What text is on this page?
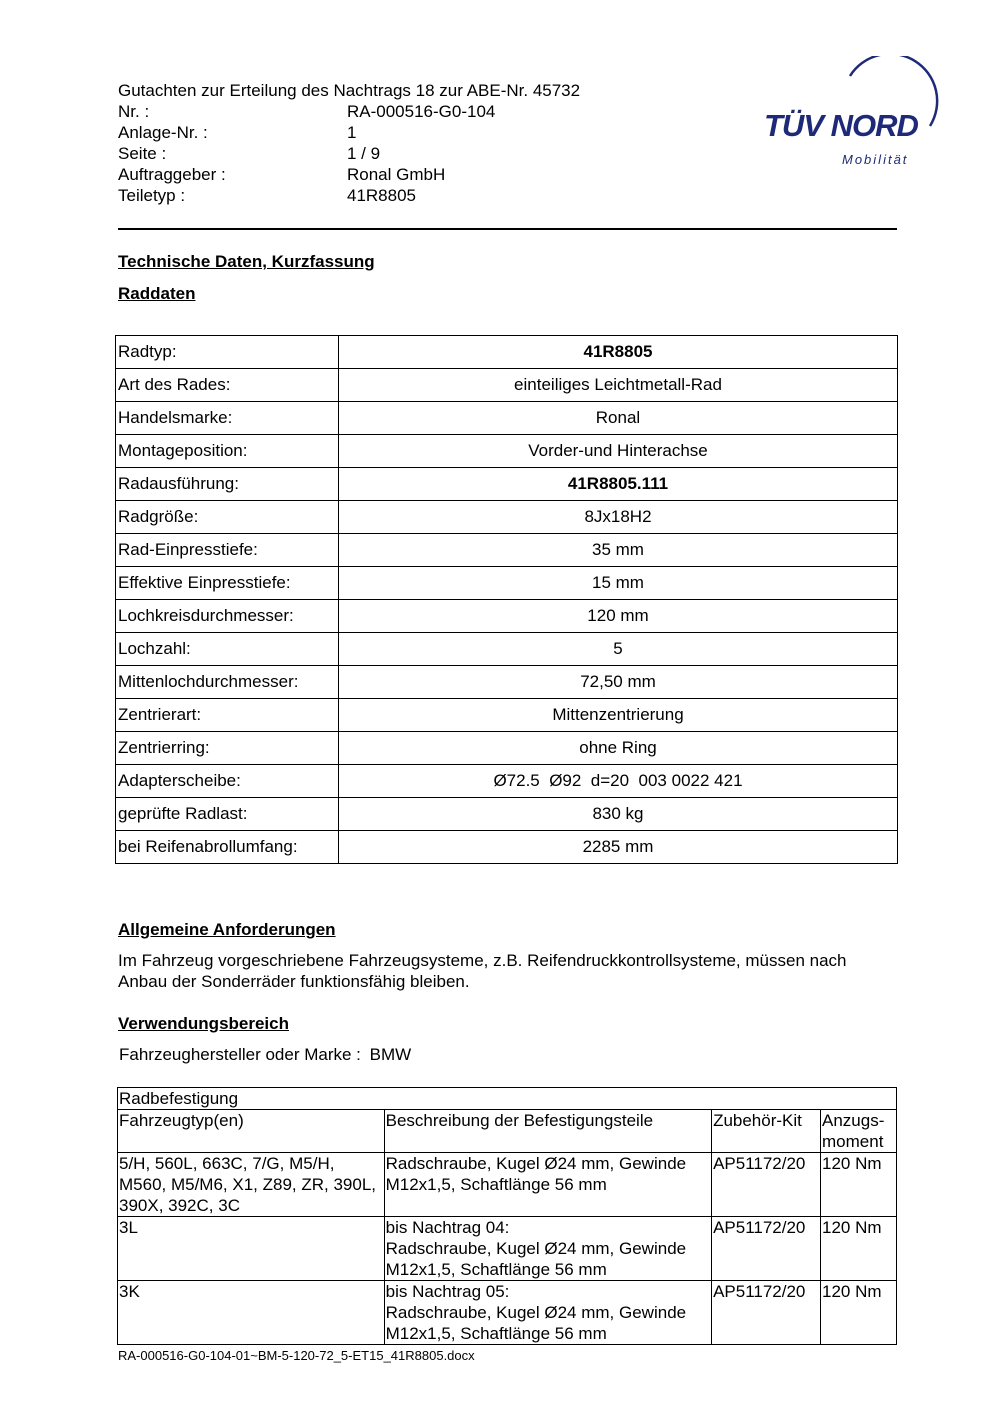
Gutachten zur Erteilung des Nachtrags 18 zur ABE-Nr. 45732
Nr. :	RA-000516-G0-104
Anlage-Nr. :	1
Seite :	1 / 9
Auftraggeber :	Ronal GmbH
Teiletyp :	41R8805
TÜV NORD
Mobilität
Technische Daten, Kurzfassung
Raddaten
Radtyp:	41R8805
Art des Rades:	einteiliges Leichtmetall-Rad
Handelsmarke:	Ronal
Montageposition:	Vorder-und Hinterachse
Radausführung:	41R8805.111
Radgröße:	8Jx18H2
Rad-Einpresstiefe:	35 mm
Effektive Einpresstiefe:	15 mm
Lochkreisdurchmesser:	120 mm
Lochzahl:	5
Mittenlochdurchmesser:	72,50 mm
Zentrierart:	Mittenzentrierung
Zentrierring:	ohne Ring
Adapterscheibe:	Ø72.5  Ø92  d=20  003 0022 421
geprüfte Radlast:	830 kg
bei Reifenabrollumfang:	2285 mm
Allgemeine Anforderungen
Im Fahrzeug vorgeschriebene Fahrzeugsysteme, z.B. Reifendruckkontrollsysteme, müssen nach Anbau der Sonderräder funktionsfähig bleiben.
Verwendungsbereich
Fahrzeughersteller oder Marke : BMW
Radbefestigung			
Fahrzeugtyp(en)	Beschreibung der Befestigungsteile	Zubehör-Kit	Anzugs-moment
5/H, 560L, 663C, 7/G, M5/H, M560, M5/M6, X1, Z89, ZR, 390L, 390X, 392C, 3C	Radschraube, Kugel Ø24 mm, Gewinde M12x1,5, Schaftlänge 56 mm	AP51172/20	120 Nm
3L	bis Nachtrag 04:
Radschraube, Kugel Ø24 mm, Gewinde M12x1,5, Schaftlänge 56 mm	AP51172/20	120 Nm
3K	bis Nachtrag 05:
Radschraube, Kugel Ø24 mm, Gewinde M12x1,5, Schaftlänge 56 mm	AP51172/20	120 Nm
RA-000516-G0-104-01~BM-5-120-72_5-ET15_41R8805.docx
